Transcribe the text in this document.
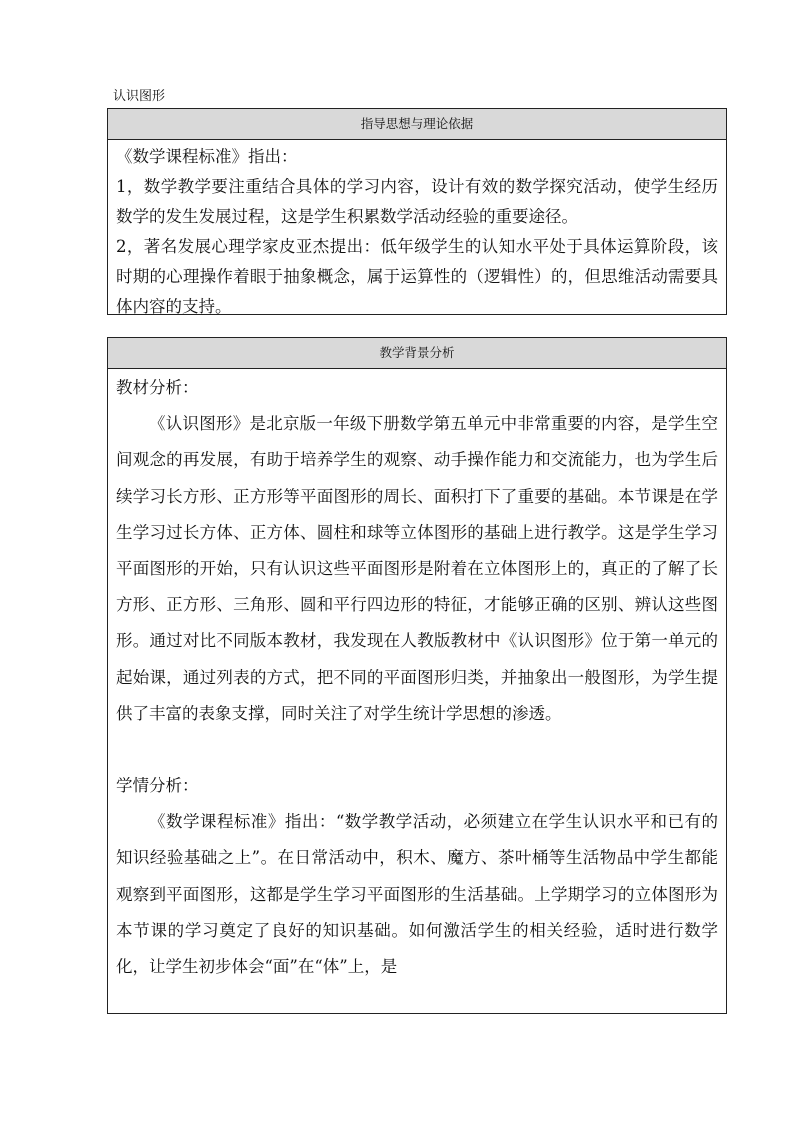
认识图形
指导思想与理论依据

《数学课程标准》指出：

1，数学教学要注重结合具体的学习内容，设计有效的数学探究活动，使学生经历数学的发生发展过程，这是学生积累数学活动经验的重要途径。

2，著名发展心理学家皮亚杰提出：低年级学生的认知水平处于具体运算阶段，该时期的心理操作着眼于抽象概念，属于运算性的（逻辑性）的，但思维活动需要具体内容的支持。

教学背景分析

教材分析：

《认识图形》是北京版一年级下册数学第五单元中非常重要的内容，是学生空间观念的再发展，有助于培养学生的观察、动手操作能力和交流能力，也为学生后续学习长方形、正方形等平面图形的周长、面积打下了重要的基础。本节课是在学生学习过长方体、正方体、圆柱和球等立体图形的基础上进行教学。这是学生学习平面图形的开始，只有认识这些平面图形是附着在立体图形上的，真正的了解了长方形、正方形、三角形、圆和平行四边形的特征，才能够正确的区别、辨认这些图形。通过对比不同版本教材，我发现在人教版教材中《认识图形》位于第一单元的起始课，通过列表的方式，把不同的平面图形归类，并抽象出一般图形，为学生提供了丰富的表象支撑，同时关注了对学生统计学思想的渗透。

学情分析：

《数学课程标准》指出：“数学教学活动，必须建立在学生认识水平和已有的知识经验基础之上”。在日常活动中，积木、魔方、茶叶桶等生活物品中学生都能观察到平面图形，这都是学生学习平面图形的生活基础。上学期学习的立体图形为本节课的学习奠定了良好的知识基础。如何激活学生的相关经验，适时进行数学化，让学生初步体会“面”在“体”上，是
